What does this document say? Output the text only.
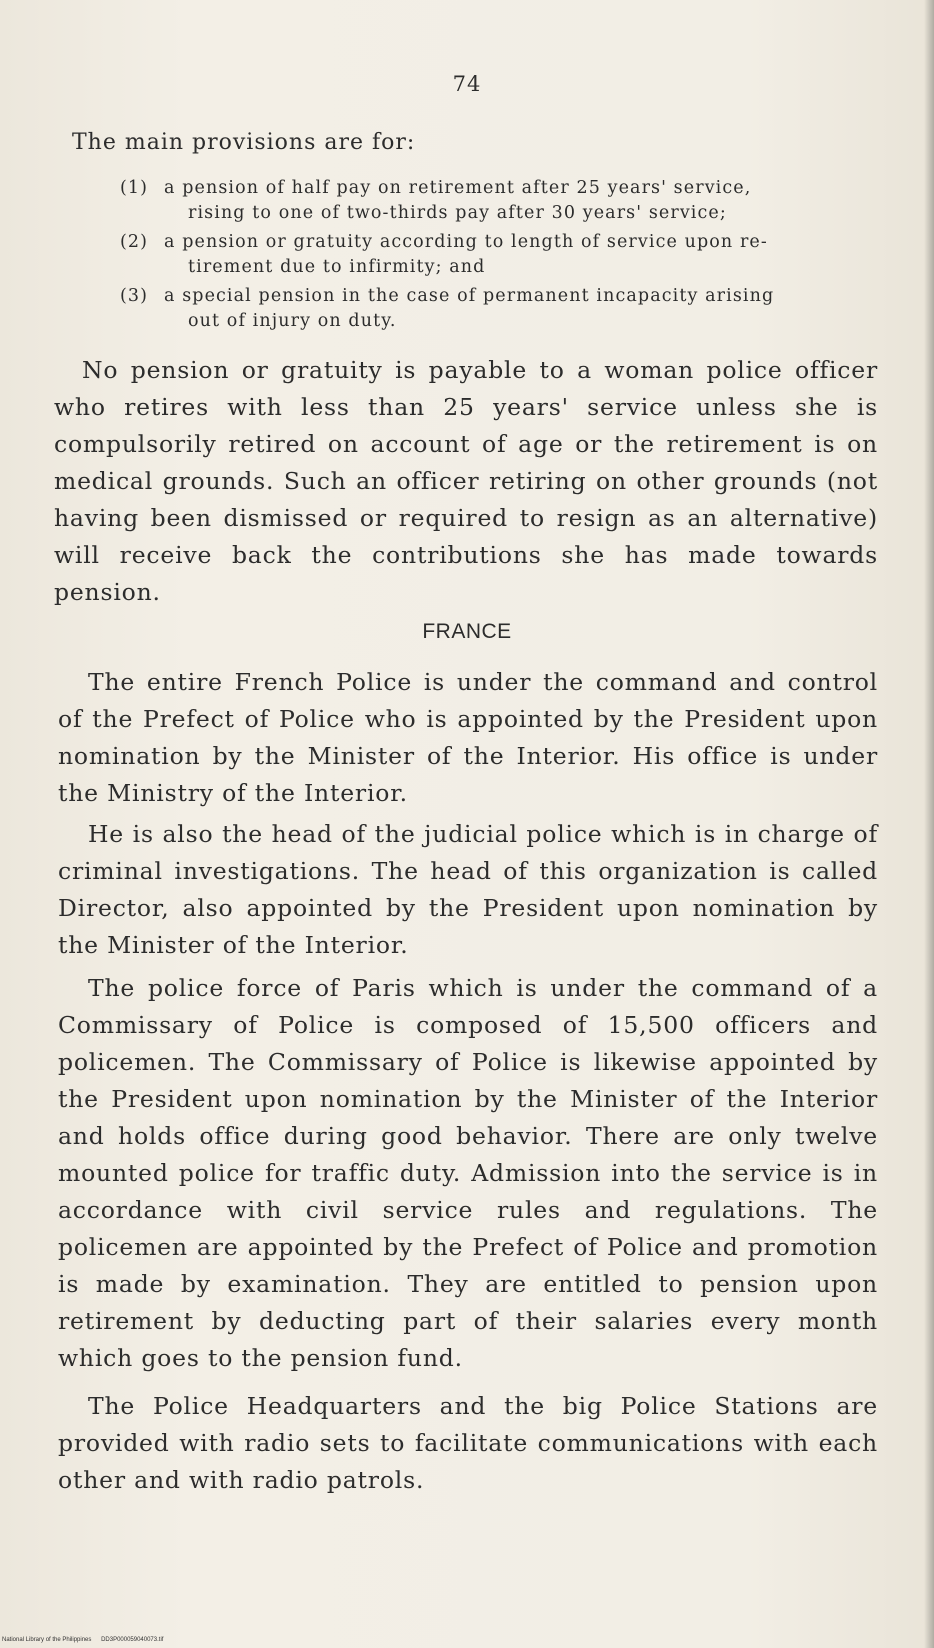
74
The main provisions are for:
(1) a pension of half pay on retirement after 25 years' service,
rising to one of two-thirds pay after 30 years' service;
(2) a pension or gratuity according to length of service upon re-
tirement due to infirmity; and
(3) a special pension in the case of permanent incapacity arising
out of injury on duty.

No pension or gratuity is payable to a woman police officer who retires with less than 25 years' service unless she is compulsorily retired on account of age or the retirement is on medical grounds. Such an officer retiring on other grounds (not having been dismissed or required to resign as an alternative) will receive back the contributions she has made towards pension.

FRANCE

The entire French Police is under the command and control of the Prefect of Police who is appointed by the President upon nomination by the Minister of the Interior. His office is under the Ministry of the Interior.

He is also the head of the judicial police which is in charge of criminal investigations. The head of this organization is called Director, also appointed by the President upon nomination by the Minister of the Interior.

The police force of Paris which is under the command of a Commissary of Police is composed of 15,500 officers and policemen. The Commissary of Police is likewise appointed by the President upon nomination by the Minister of the Interior and holds office during good behavior. There are only twelve mounted police for traffic duty. Admission into the service is in accordance with civil service rules and regulations. The policemen are appointed by the Prefect of Police and promotion is made by examination. They are entitled to pension upon retirement by deducting part of their salaries every month which goes to the pension fund.

The Police Headquarters and the big Police Stations are provided with radio sets to facilitate communications with each other and with radio patrols.

National Library of the Philippines DD3P000059040073.tif
